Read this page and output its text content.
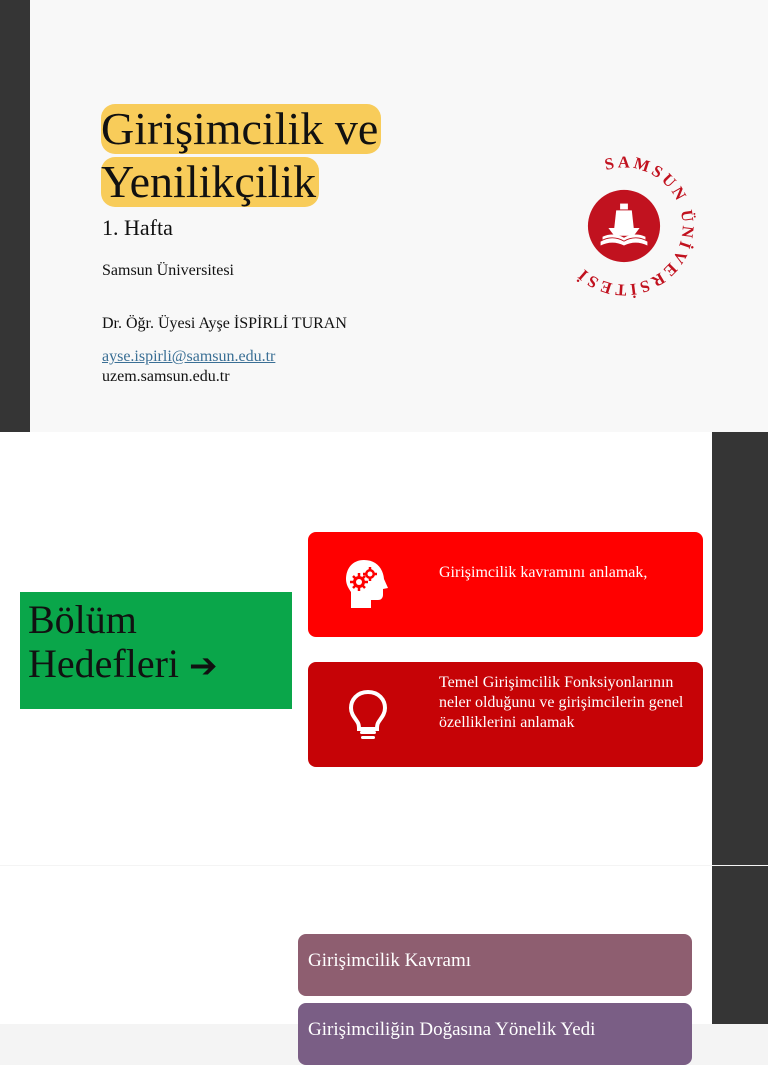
Girişimcilik ve
Yenilikçilik
1. Hafta
Samsun Üniversitesi
Dr. Öğr. Üyesi Ayşe İSPİRLİ TURAN
ayse.ispirli@samsun.edu.tr
uzem.samsun.edu.tr
SAMSUN ÜNİVERSİTESİ
Bölüm
Hedefleri ➔
Girişimcilik kavramını anlamak,
Temel Girişimcilik Fonksiyonlarının neler olduğunu ve girişimcilerin genel özelliklerini anlamak
Girişimcilik Kavramı
Girişimciliğin Doğasına Yönelik Yedi
